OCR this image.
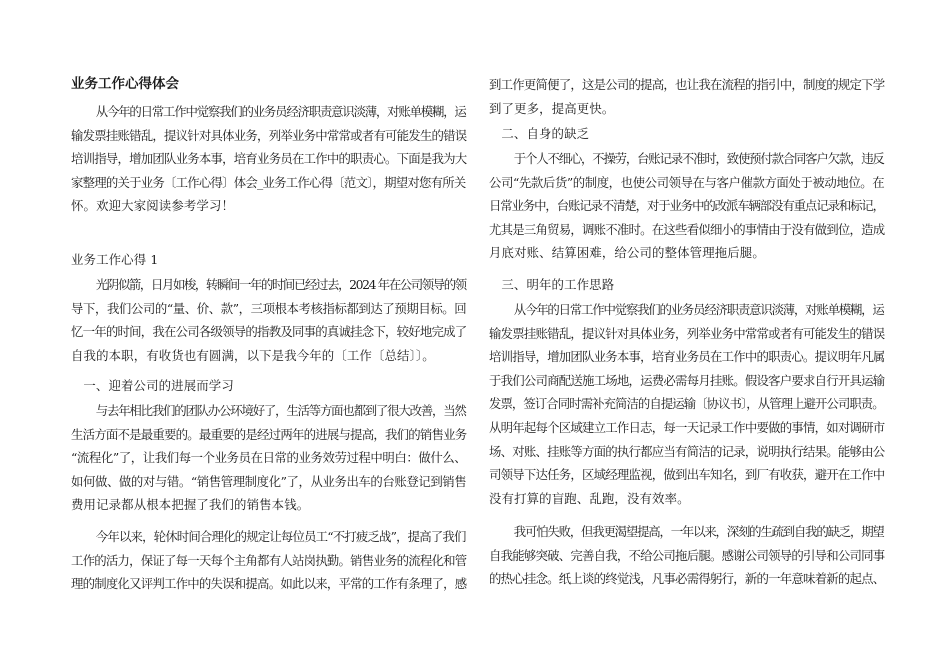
业务工作心得体会
从今年的日常工作中觉察我们的业务员经济职责意识淡薄，对账单模糊，运
输发票挂账错乱，提议针对具体业务，列举业务中常常或者有可能发生的错误
培训指导，增加团队业务本事，培育业务员在工作中的职责心。下面是我为大
家整理的关于业务〔工作心得〕体会_业务工作心得〔范文〕，期望对您有所关
怀。欢迎大家阅读参考学习！
业务工作心得 1
光阴似箭，日月如梭，转瞬间一年的时间已经过去，2024 年在公司领导的领
导下，我们公司的“量、价、款”，三项根本考核指标都到达了预期目标。回
忆一年的时间，我在公司各级领导的指教及同事的真诚挂念下，较好地完成了
自我的本职，有收货也有圆满，以下是我今年的〔工作〔总结〕〕。
一、迎着公司的进展而学习
与去年相比我们的团队办公环境好了，生活等方面也都到了很大改善，当然
生活方面不是最重要的。最重要的是经过两年的进展与提高，我们的销售业务
“流程化”了，让我们每一个业务员在日常的业务效劳过程中明白：做什么、
如何做、做的对与错。“销售管理制度化”了，从业务出车的台账登记到销售
费用记录都从根本把握了我们的销售本钱。
今年以来，轮休时间合理化的规定让每位员工“不打疲乏战”，提高了我们
工作的活力，保证了每一天每个主角都有人站岗执勤。销售业务的流程化和管
理的制度化又评判工作中的失误和提高。如此以来，平常的工作有条理了，感
到工作更简便了，这是公司的提高，也让我在流程的指引中，制度的规定下学
到了更多，提高更快。
二、自身的缺乏
于个人不细心，不操劳，台账记录不准时，致使预付款合同客户欠款，违反
公司“先款后货”的制度，也使公司领导在与客户催款方面处于被动地位。在
日常业务中，台账记录不清楚，对于业务中的改派车辆部没有重点记录和标记，
尤其是三角贸易，调账不准时。在这些看似细小的事情由于没有做到位，造成
月底对账、结算困难，给公司的整体管理拖后腿。
三、明年的工作思路
从今年的日常工作中觉察我们的业务员经济职责意识淡薄，对账单模糊，运
输发票挂账错乱，提议针对具体业务，列举业务中常常或者有可能发生的错误
培训指导，增加团队业务本事，培育业务员在工作中的职责心。提议明年凡属
于我们公司商配送施工场地，运费必需每月挂账。假设客户要求自行开具运输
发票，签订合同时需补充简洁的自提运输〔协议书〕，从管理上避开公司职责。
从明年起每个区域建立工作日志，每一天记录工作中要做的事情，如对调研市
场、对账、挂账等方面的执行都应当有简洁的记录，说明执行结果。能够由公
司领导下达任务，区域经理监视，做到出车知名，到厂有收获，避开在工作中
没有打算的盲跑、乱跑，没有效率。
我可怕失败，但我更渴望提高，一年以来，深刻的生疏到自我的缺乏，期望
自我能够突破、完善自我，不给公司拖后腿。感谢公司领导的引导和公司同事
的热心挂念。纸上谈的终觉浅，凡事必需得躬行，新的一年意味着新的起点、
